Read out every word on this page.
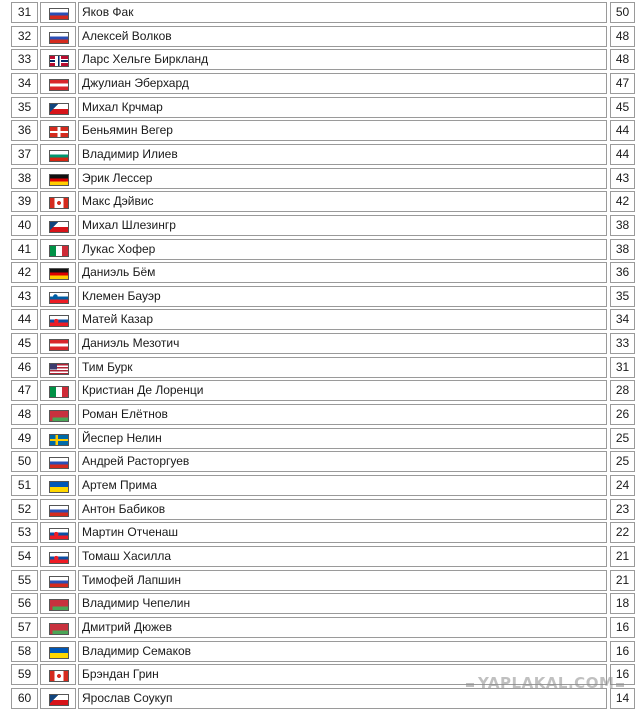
60	Ярослав Соукуп	14
59	Брэндан Грин	16
58	Владимир Семаков	16
57	Дмитрий Дюжев	16
56	Владимир Чепелин	18
55	Тимофей Лапшин	21
54	Томаш Хасилла	21
53	Мартин Отченаш	22
52	Антон Бабиков	23
51	Артем Прима	24
50	Андрей Расторгуев	25
49	Йеспер Нелин	25
48	Роман Елётнов	26
47	Кристиан Де Лоренци	28
46	Тим Бурк	31
45	Даниэль Мезотич	33
44	Матей Казар	34
43	Клемен Бауэр	35
42	Даниэль Бём	36
41	Лукас Хофер	38
40	Михал Шлезингр	38
39	Макс Дэйвис	42
38	Эрик Лессер	43
37	Владимир Илиев	44
36	Беньямин Вегер	44
35	Михал Крчмар	45
34	Джулиан Эберхард	47
33	Ларс Хельге Биркланд	48
32	Алексей Волков	48
31	Яков Фак	50
YAPLAKAL.COM
